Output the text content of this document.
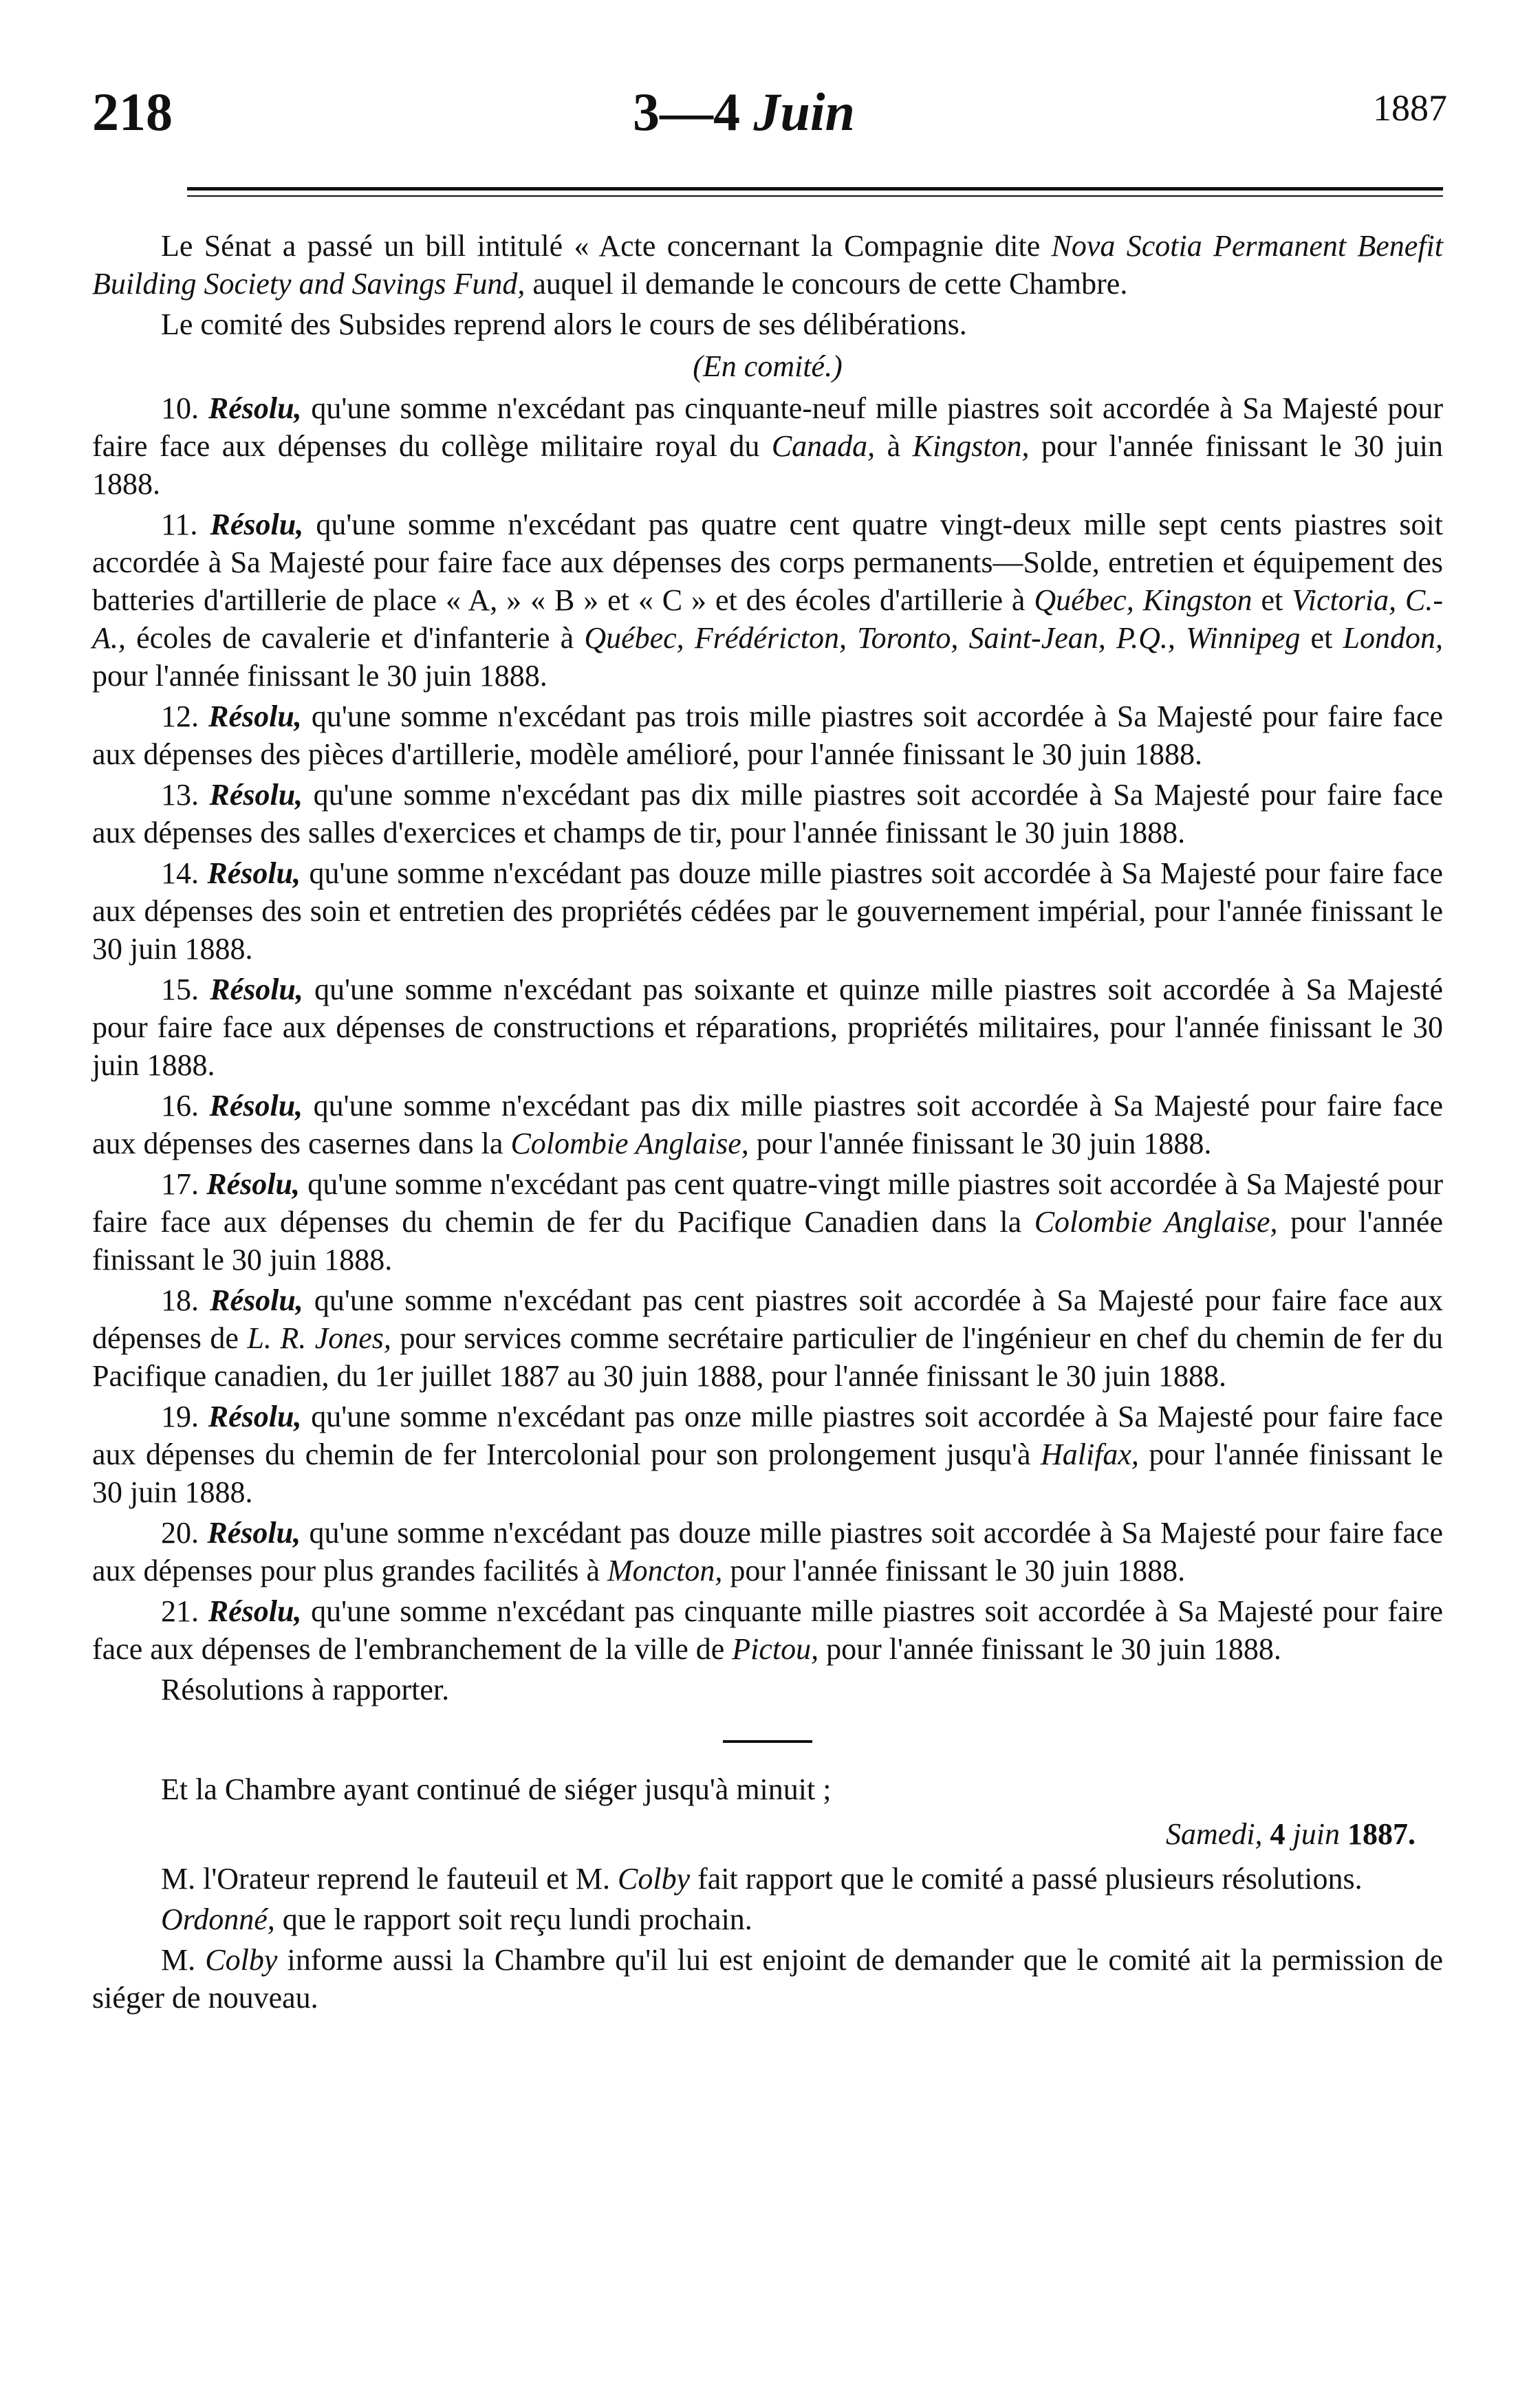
218	3—4 Juin	1887

Le Sénat a passé un bill intitulé « Acte concernant la Compagnie dite Nova Scotia Permanent Benefit Building Society and Savings Fund, auquel il demande le concours de cette Chambre.

Le comité des Subsides reprend alors le cours de ses délibérations.

(En comité.)

10. Résolu, qu'une somme n'excédant pas cinquante-neuf mille piastres soit accordée à Sa Majesté pour faire face aux dépenses du collège militaire royal du Canada, à Kingston, pour l'année finissant le 30 juin 1888.

11. Résolu, qu'une somme n'excédant pas quatre cent quatre vingt-deux mille sept cents piastres soit accordée à Sa Majesté pour faire face aux dépenses des corps permanents—Solde, entretien et équipement des batteries d'artillerie de place « A, » « B » et « C » et des écoles d'artillerie à Québec, Kingston et Victoria, C.-A., écoles de cavalerie et d'infanterie à Québec, Frédéricton, Toronto, Saint-Jean, P.Q., Winnipeg et London, pour l'année finissant le 30 juin 1888.

12. Résolu, qu'une somme n'excédant pas trois mille piastres soit accordée à Sa Majesté pour faire face aux dépenses des pièces d'artillerie, modèle amélioré, pour l'année finissant le 30 juin 1888.

13. Résolu, qu'une somme n'excédant pas dix mille piastres soit accordée à Sa Majesté pour faire face aux dépenses des salles d'exercices et champs de tir, pour l'année finissant le 30 juin 1888.

14. Résolu, qu'une somme n'excédant pas douze mille piastres soit accordée à Sa Majesté pour faire face aux dépenses des soin et entretien des propriétés cédées par le gouvernement impérial, pour l'année finissant le 30 juin 1888.

15. Résolu, qu'une somme n'excédant pas soixante et quinze mille piastres soit accordée à Sa Majesté pour faire face aux dépenses de constructions et réparations, propriétés militaires, pour l'année finissant le 30 juin 1888.

16. Résolu, qu'une somme n'excédant pas dix mille piastres soit accordée à Sa Majesté pour faire face aux dépenses des casernes dans la Colombie Anglaise, pour l'année finissant le 30 juin 1888.

17. Résolu, qu'une somme n'excédant pas cent quatre-vingt mille piastres soit accordée à Sa Majesté pour faire face aux dépenses du chemin de fer du Pacifique Canadien dans la Colombie Anglaise, pour l'année finissant le 30 juin 1888.

18. Résolu, qu'une somme n'excédant pas cent piastres soit accordée à Sa Majesté pour faire face aux dépenses de L. R. Jones, pour services comme secrétaire particulier de l'ingénieur en chef du chemin de fer du Pacifique canadien, du 1er juillet 1887 au 30 juin 1888, pour l'année finissant le 30 juin 1888.

19. Résolu, qu'une somme n'excédant pas onze mille piastres soit accordée à Sa Majesté pour faire face aux dépenses du chemin de fer Intercolonial pour son prolongement jusqu'à Halifax, pour l'année finissant le 30 juin 1888.

20. Résolu, qu'une somme n'excédant pas douze mille piastres soit accordée à Sa Majesté pour faire face aux dépenses pour plus grandes facilités à Moncton, pour l'année finissant le 30 juin 1888.

21. Résolu, qu'une somme n'excédant pas cinquante mille piastres soit accordée à Sa Majesté pour faire face aux dépenses de l'embranchement de la ville de Pictou, pour l'année finissant le 30 juin 1888.

Résolutions à rapporter.

Et la Chambre ayant continué de siéger jusqu'à minuit ;

Samedi, 4 juin 1887.

M. l'Orateur reprend le fauteuil et M. Colby fait rapport que le comité a passé plusieurs résolutions.

Ordonné, que le rapport soit reçu lundi prochain.

M. Colby informe aussi la Chambre qu'il lui est enjoint de demander que le comité ait la permission de siéger de nouveau.
